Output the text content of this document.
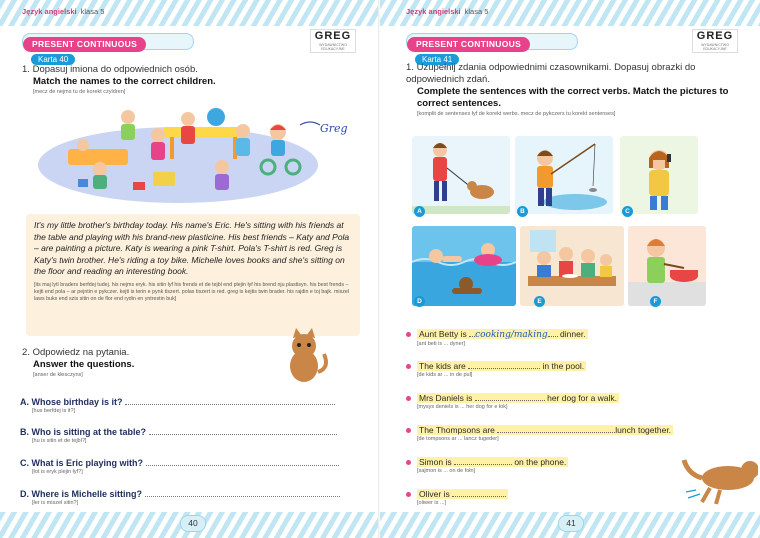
Język angielski klasa 5
PRESENT CONTINUOUSKarta 40
GREG
WYDAWNICTWO EDUKACYJNE
1. Dopasuj imiona do odpowiednich osób.
Match the names to the correct children.
[mecz de nejms tu de korekt czyldren]
Greg
It's my little brother's birthday today. His name's Eric. He's sitting with his friends at the table and playing with his brand-new plasticine. His best friends – Katy and Pola – are painting a picture. Katy is wearing a pink T-shirt. Pola's T-shirt is red. Greg is Katy's twin brother. He's riding a toy bike. Michelle loves books and she's sitting on the floor and reading an interesting book.
[its maj lytl braders berfdej tudej. his nejms eryk. his sitin łyf his frends et de tejbl end plejin łyf his brend nju plastisyn. his best frends – kejti end pola – ar pejntin e pykczer. kejti is terin e pynk tiszert. polas tiszert is red. greg is kejtis twin brader. his rajdin e toj bajk. miszel laws buks end szis sitin on de flor end rydin en yntrestin buk]
2. Odpowiedz na pytania.
Answer the questions.
[anser de kłesczyns]
A. Whose birthday is it?
[hus berfdej is it?]
B. Who is sitting at the table?
[hu is sitin et de tejbl?]
C. What is Eric playing with?
[łot is eryk plejin łyf?]
D. Where is Michelle sitting?
[łer is miszel sitin?]
40
Język angielski klasa 5
PRESENT CONTINUOUSKarta 41
GREG
WYDAWNICTWO EDUKACYJNE
1. Uzupełnij zdania odpowiednimi czasownikami. Dopasuj obrazki do odpowiednich zdań.
Complete the sentences with the correct verbs. Match the pictures to correct sentences.
[komplit de sentenses łyf de korekt werbs. mecz de pykczers tu korekt sentenses]
A	B	C
D	E	F
Aunt Betty is cooking/making dinner.
[ant beti is ... dyner]
The kids are	in the pool.
[de kids ar ... in de pul]
Mrs Daniels is	her dog for a walk.
[mysys deniels is ... her dog for e łok]
The Thompsons are	lunch together.
[de tompsons ar ... lancz tugeder]
Simon is	on the phone.
[sajmon is ... on de fołn]
Oliver is	.
[oliwer is ...]
41
